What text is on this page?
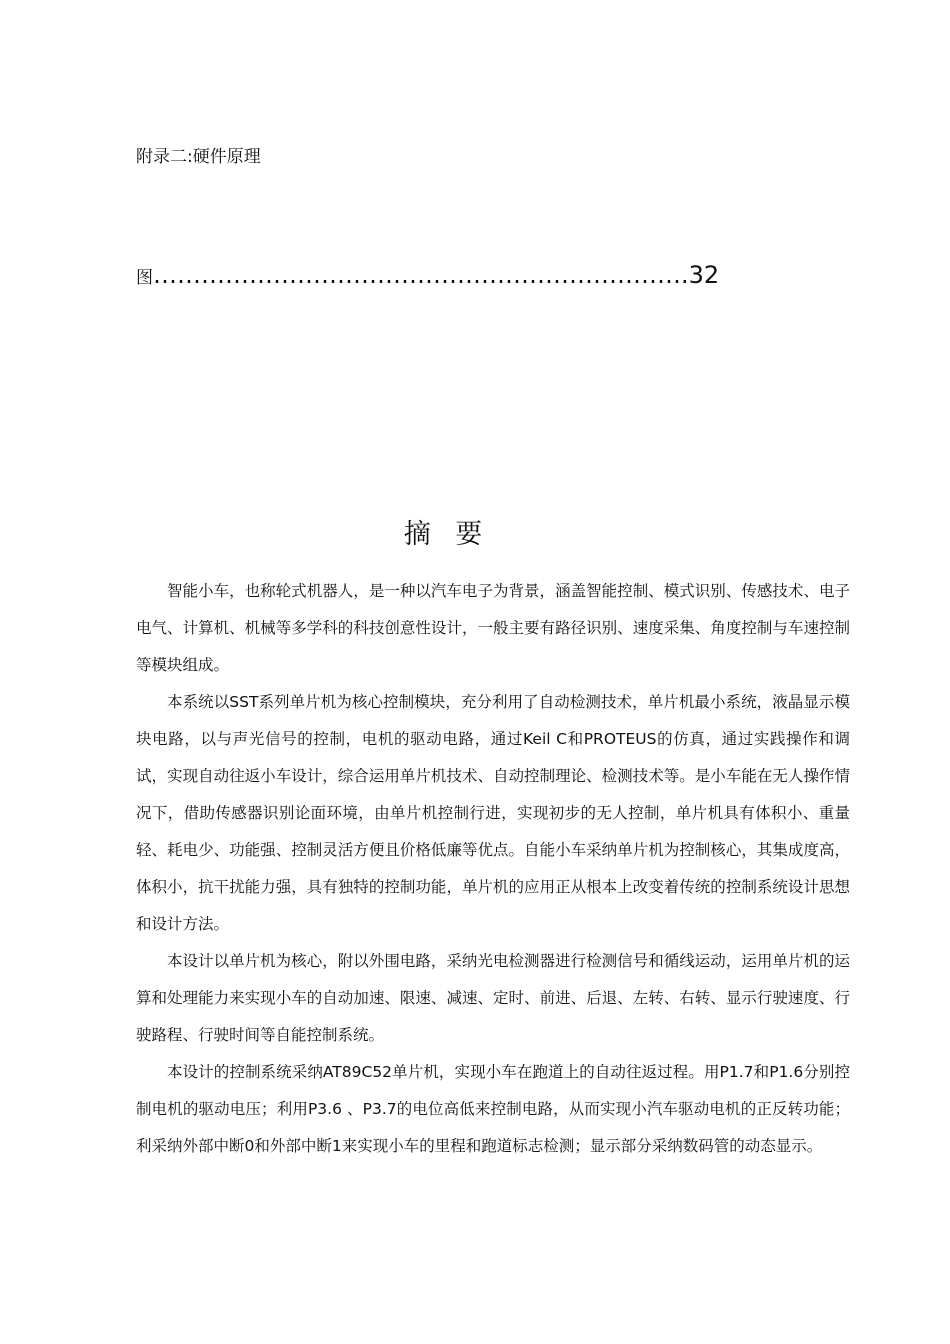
附录二:硬件原理

图………………………………………………………….32
摘 要

智能小车，也称轮式机器人，是一种以汽车电子为背景，涵盖智能控制、模式识别、传感技术、电子电气、计算机、机械等多学科的科技创意性设计，一般主要有路径识别、速度采集、角度控制与车速控制等模块组成。

本系统以SST系列单片机为核心控制模块，充分利用了自动检测技术，单片机最小系统，液晶显示模块电路，以与声光信号的控制，电机的驱动电路，通过Keil C和PROTEUS的仿真，通过实践操作和调试，实现自动往返小车设计，综合运用单片机技术、自动控制理论、检测技术等。是小车能在无人操作情况下，借助传感器识别论面环境，由单片机控制行进，实现初步的无人控制，单片机具有体积小、重量轻、耗电少、功能强、控制灵活方便且价格低廉等优点。自能小车采纳单片机为控制核心，其集成度高，体积小，抗干扰能力强，具有独特的控制功能，单片机的应用正从根本上改变着传统的控制系统设计思想和设计方法。

本设计以单片机为核心，附以外围电路，采纳光电检测器进行检测信号和循线运动，运用单片机的运算和处理能力来实现小车的自动加速、限速、减速、定时、前进、后退、左转、右转、显示行驶速度、行驶路程、行驶时间等自能控制系统。

本设计的控制系统采纳AT89C52单片机，实现小车在跑道上的自动往返过程。用P1.7和P1.6分别控制电机的驱动电压；利用P3.6 、P3.7的电位高低来控制电路，从而实现小汽车驱动电机的正反转功能；利采纳外部中断0和外部中断1来实现小车的里程和跑道标志检测；显示部分采纳数码管的动态显示。
